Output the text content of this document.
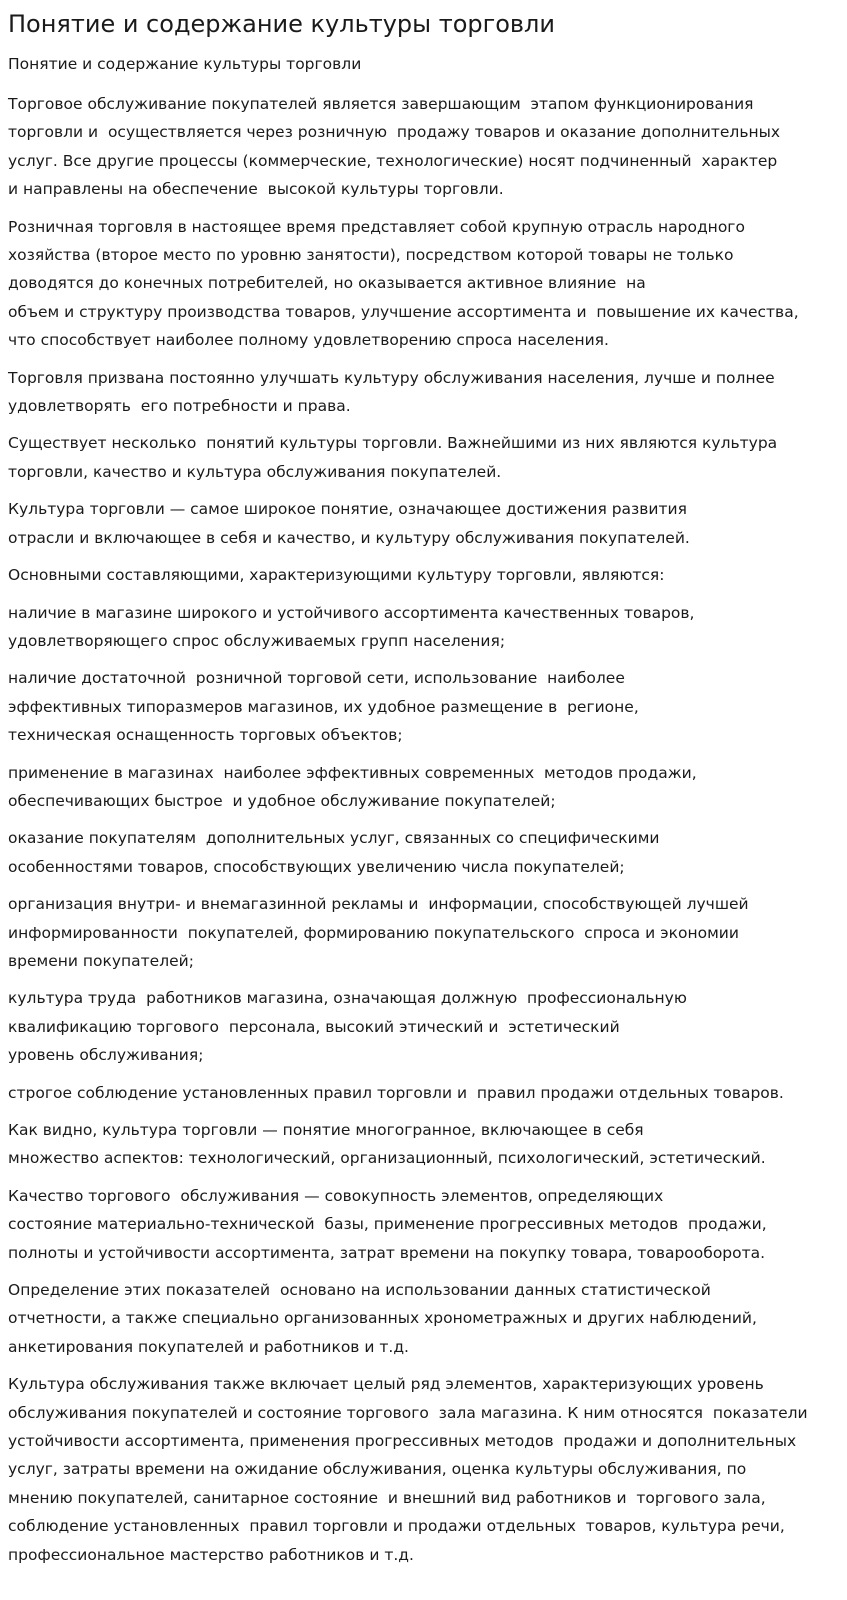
Понятие и содержание культуры торговли
Понятие и содержание культуры торговли

Торговое обслуживание покупателей является завершающим  этапом функционирования
торговли и  осуществляется через розничную  продажу товаров и оказание дополнительных
услуг. Все другие процессы (коммерческие, технологические) носят подчиненный  характер
и направлены на обеспечение  высокой культуры торговли.

Розничная торговля в настоящее время представляет собой крупную отрасль народного
хозяйства (второе место по уровню занятости), посредством которой товары не только
доводятся до конечных потребителей, но оказывается активное влияние  на
объем и структуру производства товаров, улучшение ассортимента и  повышение их качества,
что способствует наиболее полному удовлетворению спроса населения.

Торговля призвана постоянно улучшать культуру обслуживания населения, лучше и полнее
удовлетворять  его потребности и права.

Существует несколько  понятий культуры торговли. Важнейшими из них являются культура
торговли, качество и культура обслуживания покупателей.

Культура торговли — самое широкое понятие, означающее достижения развития
отрасли и включающее в себя и качество, и культуру обслуживания покупателей.

Основными составляющими, характеризующими культуру торговли, являются:

наличие в магазине широкого и устойчивого ассортимента качественных товаров,
удовлетворяющего спрос обслуживаемых групп населения;

наличие достаточной  розничной торговой сети, использование  наиболее
эффективных типоразмеров магазинов, их удобное размещение в  регионе,
техническая оснащенность торговых объектов;

применение в магазинах  наиболее эффективных современных  методов продажи,
обеспечивающих быстрое  и удобное обслуживание покупателей;

оказание покупателям  дополнительных услуг, связанных со специфическими
особенностями товаров, способствующих увеличению числа покупателей;

организация внутри- и внемагазинной рекламы и  информации, способствующей лучшей
информированности  покупателей, формированию покупательского  спроса и экономии
времени покупателей;

культура труда  работников магазина, означающая должную  профессиональную
квалификацию торгового  персонала, высокий этический и  эстетический
уровень обслуживания;

строгое соблюдение установленных правил торговли и  правил продажи отдельных товаров.

Как видно, культура торговли — понятие многогранное, включающее в себя
множество аспектов: технологический, организационный, психологический, эстетический.

Качество торгового  обслуживания — совокупность элементов, определяющих
состояние материально-технической  базы, применение прогрессивных методов  продажи,
полноты и устойчивости ассортимента, затрат времени на покупку товара, товарооборота.

Определение этих показателей  основано на использовании данных статистической
отчетности, а также специально организованных хронометражных и других наблюдений,
анкетирования покупателей и работников и т.д.

Культура обслуживания также включает целый ряд элементов, характеризующих уровень
обслуживания покупателей и состояние торгового  зала магазина. К ним относятся  показатели
устойчивости ассортимента, применения прогрессивных методов  продажи и дополнительных
услуг, затраты времени на ожидание обслуживания, оценка культуры обслуживания, по
мнению покупателей, санитарное состояние  и внешний вид работников и  торгового зала,
соблюдение установленных  правил торговли и продажи отдельных  товаров, культура речи,
профессиональное мастерство работников и т.д.
